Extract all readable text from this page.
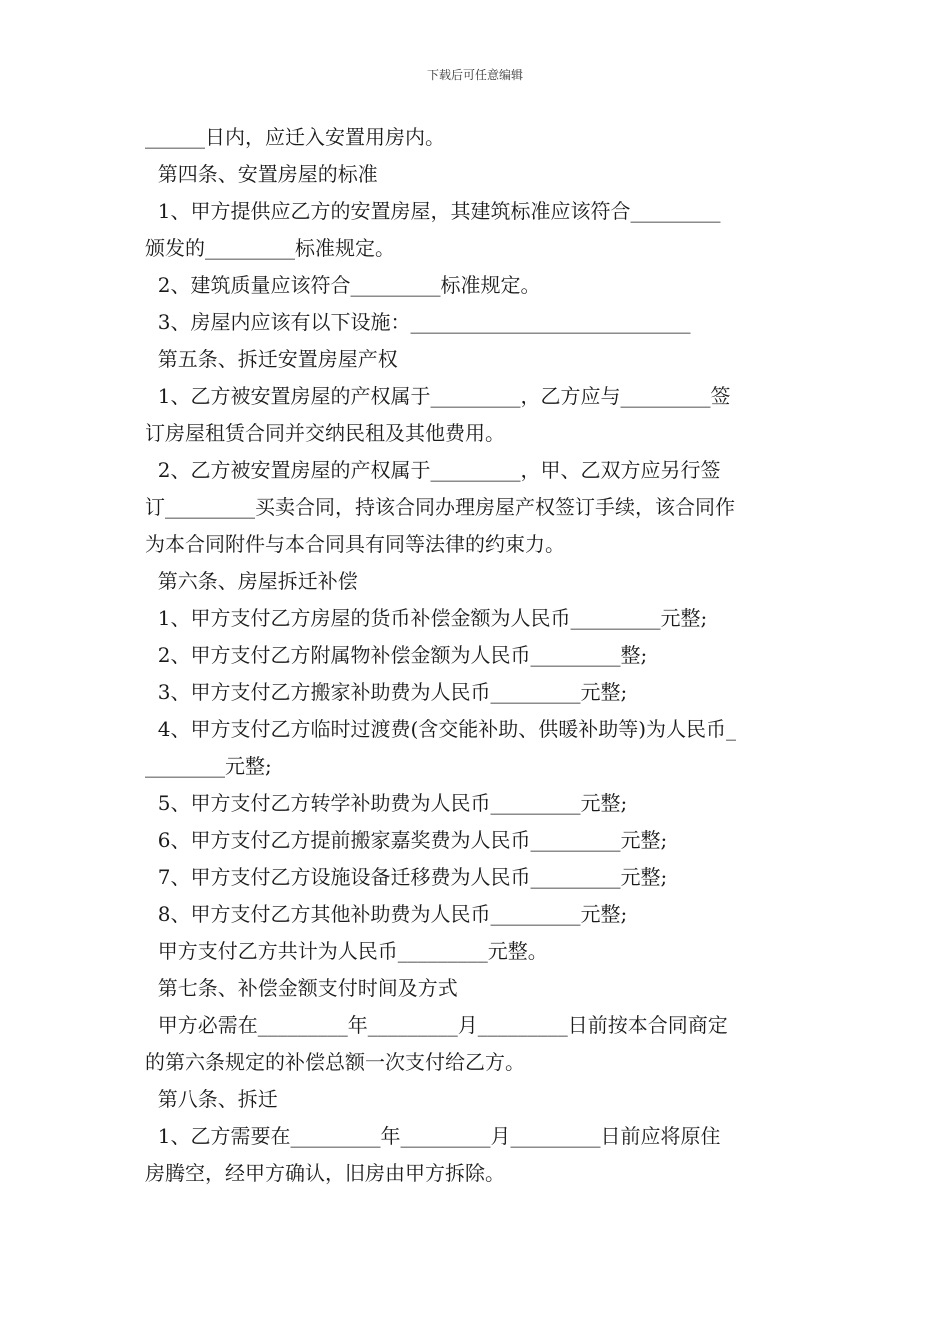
下载后可任意编辑
______日内，应迁入安置用房内。
第四条、安置房屋的标准
1、甲方提供应乙方的安置房屋，其建筑标准应该符合_________
颁发的_________标准规定。
2、建筑质量应该符合_________标准规定。
3、房屋内应该有以下设施：____________________________
第五条、拆迁安置房屋产权
1、乙方被安置房屋的产权属于_________，乙方应与_________签
订房屋租赁合同并交纳民租及其他费用。
2、乙方被安置房屋的产权属于_________，甲、乙双方应另行签
订_________买卖合同，持该合同办理房屋产权签订手续，该合同作
为本合同附件与本合同具有同等法律的约束力。
第六条、房屋拆迁补偿
1、甲方支付乙方房屋的货币补偿金额为人民币_________元整;
2、甲方支付乙方附属物补偿金额为人民币_________整;
3、甲方支付乙方搬家补助费为人民币_________元整;
4、甲方支付乙方临时过渡费(含交能补助、供暖补助等)为人民币_
________元整;
5、甲方支付乙方转学补助费为人民币_________元整;
6、甲方支付乙方提前搬家嘉奖费为人民币_________元整;
7、甲方支付乙方设施设备迁移费为人民币_________元整;
8、甲方支付乙方其他补助费为人民币_________元整;
甲方支付乙方共计为人民币_________元整。
第七条、补偿金额支付时间及方式
甲方必需在_________年_________月_________日前按本合同商定
的第六条规定的补偿总额一次支付给乙方。
第八条、拆迁
1、乙方需要在_________年_________月_________日前应将原住
房腾空，经甲方确认，旧房由甲方拆除。
